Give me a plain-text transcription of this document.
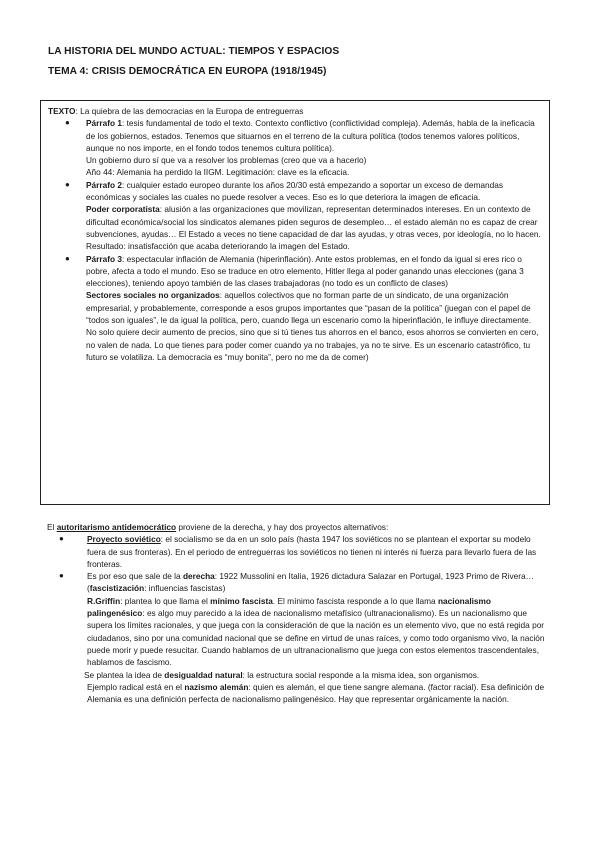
LA HISTORIA DEL MUNDO ACTUAL: TIEMPOS Y ESPACIOS
TEMA 4: CRISIS DEMOCRÁTICA EN EUROPA (1918/1945)

TEXTO: La quiebra de las democracias en la Europa de entreguerras

● Párrafo 1: tesis fundamental de todo el texto. Contexto conflictivo (conflictividad compleja). Además, habla de la ineficacia de los gobiernos, estados. Tenemos que situarnos en el terreno de la cultura política (todos tenemos valores políticos, aunque no nos importe, en el fondo todos tenemos cultura política).

Un gobierno duro sí que va a resolver los problemas (creo que va a hacerlo)

Año 44: Alemania ha perdido la IIGM. Legitimación: clave es la eficacia.

● Párrafo 2: cualquier estado europeo durante los años 20/30 está empezando a soportar un exceso de demandas económicas y sociales las cuales no puede resolver a veces. Eso es lo que deteriora la imagen de eficacia.

Poder corporatista: alusión a las organizaciones que movilizan, representan determinados intereses. En un contexto de dificultad económica/social los sindicatos alemanes piden seguros de desempleo… el estado alemán no es capaz de crear subvenciones, ayudas… El Estado a veces no tiene capacidad de dar las ayudas, y otras veces, por ideología, no lo hacen.

Resultado: insatisfacción que acaba deteriorando la imagen del Estado.

● Párrafo 3: espectacular inflación de Alemania (hiperinflación). Ante estos problemas, en el fondo da igual si eres rico o pobre, afecta a todo el mundo. Eso se traduce en otro elemento, Hitler llega al poder ganando unas elecciones (gana 3 elecciones), teniendo apoyo también de las clases trabajadoras (no todo es un conflicto de clases)

Sectores sociales no organizados: aquellos colectivos que no forman parte de un sindicato, de una organización empresarial, y probablemente, corresponde a esos grupos importantes que “pasan de la política” (juegan con el papel de “todos son iguales”, le da igual la política, pero, cuando llega un escenario como la hiperinflación, le influye directamente. No solo quiere decir aumento de precios, sino que si tú tienes tus ahorros en el banco, esos ahorros se convierten en cero, no valen de nada. Lo que tienes para poder comer cuando ya no trabajes, ya no te sirve. Es un escenario catastrófico, tu futuro se volatiliza. La democracia es “muy bonita”, pero no me da de comer)

El autoritarismo antidemocrático proviene de la derecha, y hay dos proyectos alternativos:

●	Proyecto soviético: el socialismo se da en un solo país (hasta 1947 los soviéticos no se plantean el exportar su modelo fuera de sus fronteras). En el periodo de entreguerras los soviéticos no tienen ni interés ni fuerza para llevarlo fuera de las fronteras.

●	Es por eso que sale de la derecha: 1922 Mussolini en Italia, 1926 dictadura Salazar en Portugal, 1923 Primo de Rivera… (fascistización: influencias fascistas)

R.Griffin: plantea lo que llama el mínimo fascista. El mínimo fascista responde a lo que llama nacionalismo palingenésico: es algo muy parecido a la idea de nacionalismo metafísico (ultranacionalismo). Es un nacionalismo que supera los límites racionales, y que juega con la consideración de que la nación es un elemento vivo, que no está regida por ciudadanos, sino por una comunidad nacional que se define en virtud de unas raíces, y como todo organismo vivo, la nación puede morir y puede resucitar. Cuando hablamos de un ultranacionalismo que juega con estos elementos trascendentales, hablamos de fascismo.

Se plantea la idea de desigualdad natural: la estructura social responde a la misma idea, son organismos.

Ejemplo radical está en el nazismo alemán: quien es alemán, el que tiene sangre alemana. (factor racial). Esa definición de Alemania es una definición perfecta de nacionalismo palingenésico. Hay que representar orgánicamente la nación.
